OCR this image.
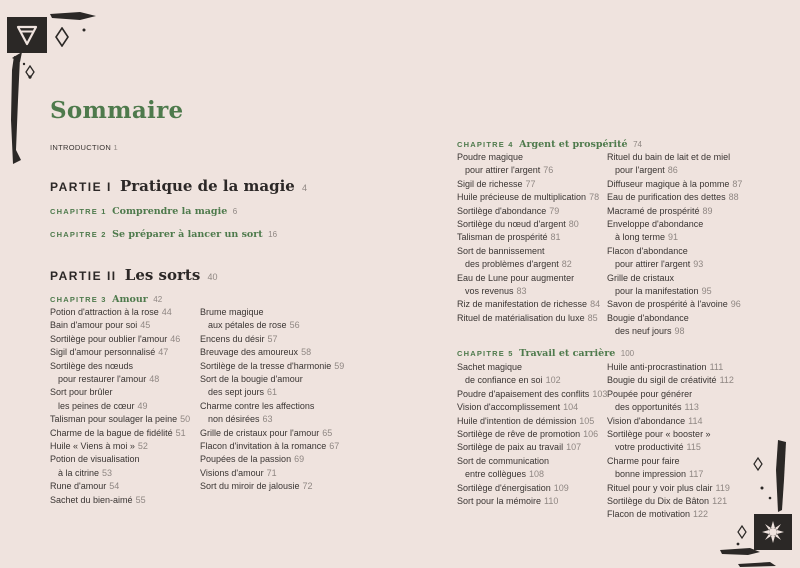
Sommaire
INTRODUCTION 1
PARTIE I Pratique de la magie 4
CHAPITRE 1 Comprendre la magie 6
CHAPITRE 2 Se préparer à lancer un sort 16
PARTIE II Les sorts 40
CHAPITRE 3 Amour 42
Potion d'attraction à la rose 44
Bain d'amour pour soi 45
Sortilège pour oublier l'amour 46
Sigil d'amour personnalisé 47
Sortilège des nœuds
pour restaurer l'amour 48
Sort pour brûler
les peines de cœur 49
Talisman pour soulager la peine 50
Charme de la bague de fidélité 51
Huile « Viens à moi » 52
Potion de visualisation
à la citrine 53
Rune d'amour 54
Sachet du bien-aimé 55
Brume magique
aux pétales de rose 56
Encens du désir 57
Breuvage des amoureux 58
Sortilège de la tresse d'harmonie 59
Sort de la bougie d'amour
des sept jours 61
Charme contre les affections
non désirées 63
Grille de cristaux pour l'amour 65
Flacon d'invitation à la romance 67
Poupées de la passion 69
Visions d'amour 71
Sort du miroir de jalousie 72
CHAPITRE 4 Argent et prospérité 74
Poudre magique
pour attirer l'argent 76
Sigil de richesse 77
Huile précieuse de multiplication 78
Sortilège d'abondance 79
Sortilège du nœud d'argent 80
Talisman de prospérité 81
Sort de bannissement
des problèmes d'argent 82
Eau de Lune pour augmenter
vos revenus 83
Riz de manifestation de richesse 84
Rituel de matérialisation du luxe 85
Rituel du bain de lait et de miel
pour l'argent 86
Diffuseur magique à la pomme 87
Eau de purification des dettes 88
Macramé de prospérité 89
Enveloppe d'abondance
à long terme 91
Flacon d'abondance
pour attirer l'argent 93
Grille de cristaux
pour la manifestation 95
Savon de prospérité à l'avoine 96
Bougie d'abondance
des neuf jours 98
CHAPITRE 5 Travail et carrière 100
Sachet magique
de confiance en soi 102
Poudre d'apaisement des conflits 103
Vision d'accomplissement 104
Huile d'intention de démission 105
Sortilège de rêve de promotion 106
Sortilège de paix au travail 107
Sort de communication
entre collègues 108
Sortilège d'énergisation 109
Sort pour la mémoire 110
Huile anti-procrastination 111
Bougie du sigil de créativité 112
Poupée pour générer
des opportunités 113
Vision d'abondance 114
Sortilège pour « booster »
votre productivité 115
Charme pour faire
bonne impression 117
Rituel pour y voir plus clair 119
Sortilège du Dix de Bâton 121
Flacon de motivation 122
